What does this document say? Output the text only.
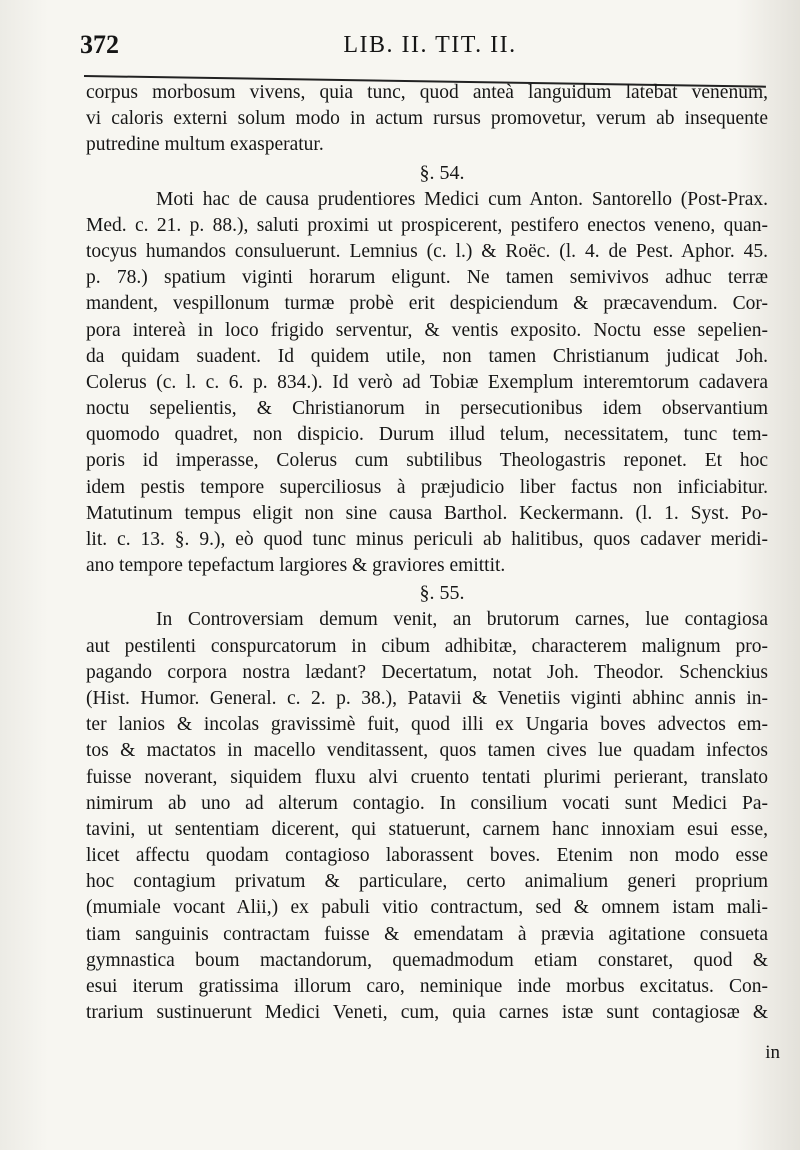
372	LIB. II. TIT. II.
corpus morbosum vivens, quia tunc, quod anteà languidum latebat venenum,
vi caloris externi solum modo in actum rursus promovetur, verum ab insequente
putredine multum exasperatur.
§. 54.
Moti hac de causa prudentiores Medici cum Anton. Santorello (Post-Prax.
Med. c. 21. p. 88.), saluti proximi ut prospicerent, pestifero enectos veneno, quan-
tocyus humandos consuluerunt. Lemnius (c. l.) & Roëc. (l. 4. de Pest. Aphor. 45.
p. 78.) spatium viginti horarum eligunt. Ne tamen semivivos adhuc terræ
mandent, vespillonum turmæ probè erit despiciendum & præcavendum. Cor-
pora intereà in loco frigido serventur, & ventis exposito. Noctu esse sepelien-
da quidam suadent. Id quidem utile, non tamen Christianum judicat Joh.
Colerus (c. l. c. 6. p. 834.). Id verò ad Tobiæ Exemplum interemtorum cadavera
noctu sepelientis, & Christianorum in persecutionibus idem observantium
quomodo quadret, non dispicio. Durum illud telum, necessitatem, tunc tem-
poris id imperasse, Colerus cum subtilibus Theologastris reponet. Et hoc
idem pestis tempore superciliosus à præjudicio liber factus non inficiabitur.
Matutinum tempus eligit non sine causa Barthol. Keckermann. (l. 1. Syst. Po-
lit. c. 13. §. 9.), eò quod tunc minus periculi ab halitibus, quos cadaver meridi-
ano tempore tepefactum largiores & graviores emittit.
§. 55.
In Controversiam demum venit, an brutorum carnes, lue contagiosa
aut pestilenti conspurcatorum in cibum adhibitæ, characterem malignum pro-
pagando corpora nostra lædant? Decertatum, notat Joh. Theodor. Schenckius
(Hist. Humor. General. c. 2. p. 38.), Patavii & Venetiis viginti abhinc annis in-
ter lanios & incolas gravissimè fuit, quod illi ex Ungaria boves advectos em-
tos & mactatos in macello venditassent, quos tamen cives lue quadam infectos
fuisse noverant, siquidem fluxu alvi cruento tentati plurimi perierant, translato
nimirum ab uno ad alterum contagio. In consilium vocati sunt Medici Pa-
tavini, ut sententiam dicerent, qui statuerunt, carnem hanc innoxiam esui esse,
licet affectu quodam contagioso laborassent boves. Etenim non modo esse
hoc contagium privatum & particulare, certo animalium generi proprium
(mumiale vocant Alii,) ex pabuli vitio contractum, sed & omnem istam mali-
tiam sanguinis contractam fuisse & emendatam à prævia agitatione consueta
gymnastica boum mactandorum, quemadmodum etiam constaret, quod &
esui iterum gratissima illorum caro, neminique inde morbus excitatus. Con-
trarium sustinuerunt Medici Veneti, cum, quia carnes istæ sunt contagiosæ &
in
